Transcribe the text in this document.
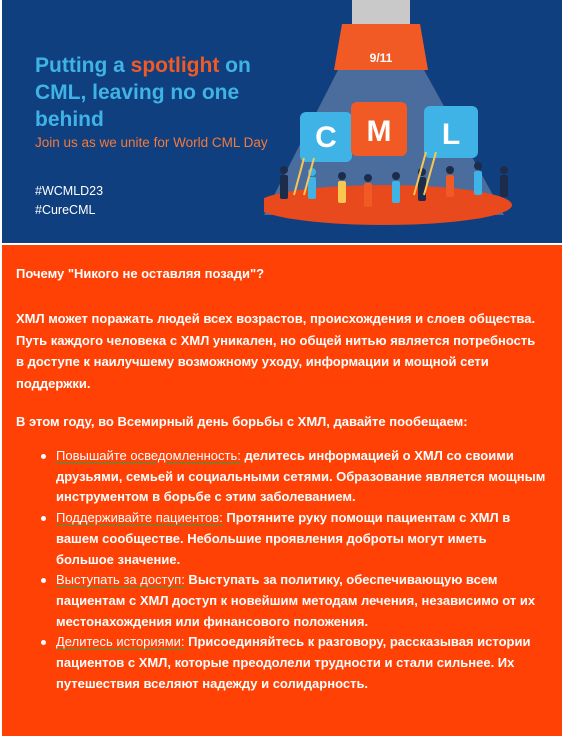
Putting a spotlight on CML, leaving no one behind

Join us as we unite for World CML Day

#WCMLD23

#CureCML

9/11
C M L

Почему "Никого не оставляя позади"?

ХМЛ может поражать людей всех возрастов, происхождения и слоев общества. Путь каждого человека с ХМЛ уникален, но общей нитью является потребность в доступе к наилучшему возможному уходу, информации и мощной сети поддержки.

В этом году, во Всемирный день борьбы с ХМЛ, давайте пообещаем:

Повышайте осведомленность: делитесь информацией о ХМЛ со своими друзьями, семьей и социальными сетями. Образование является мощным инструментом в борьбе с этим заболеванием.
Поддерживайте пациентов: Протяните руку помощи пациентам с ХМЛ в вашем сообществе. Небольшие проявления доброты могут иметь большое значение.
Выступать за доступ: Выступать за политику, обеспечивающую всем пациентам с ХМЛ доступ к новейшим методам лечения, независимо от их местонахождения или финансового положения.
Делитесь историями: Присоединяйтесь к разговору, рассказывая истории пациентов с ХМЛ, которые преодолели трудности и стали сильнее. Их путешествия вселяют надежду и солидарность.
